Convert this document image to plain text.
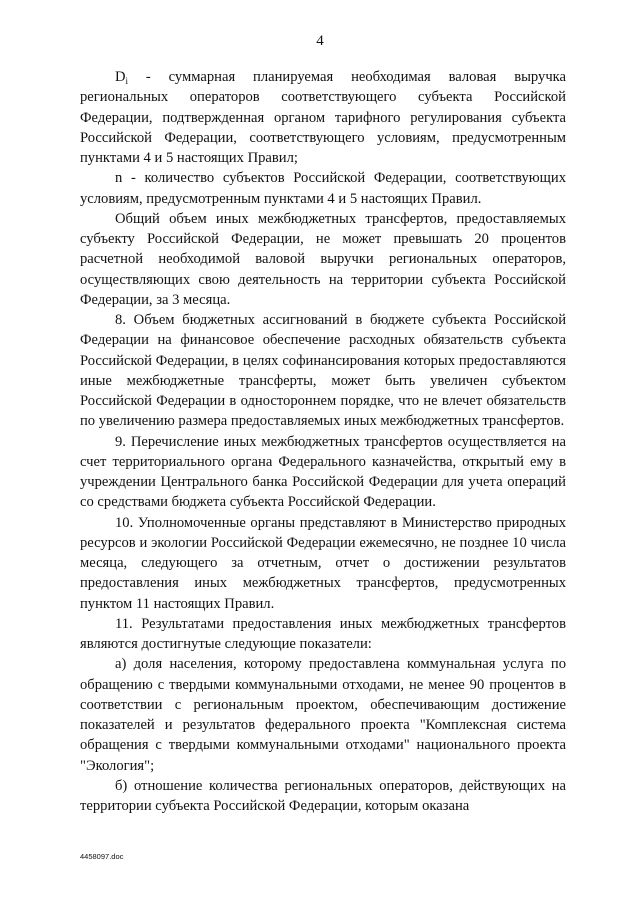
4

$D_i$ - суммарная планируемая необходимая валовая выручка региональных операторов соответствующего субъекта Российской Федерации, подтвержденная органом тарифного регулирования субъекта Российской Федерации, соответствующего условиям, предусмотренным пунктами 4 и 5 настоящих Правил;

n - количество субъектов Российской Федерации, соответствующих условиям, предусмотренным пунктами 4 и 5 настоящих Правил.

Общий объем иных межбюджетных трансфертов, предоставляемых субъекту Российской Федерации, не может превышать 20 процентов расчетной необходимой валовой выручки региональных операторов, осуществляющих свою деятельность на территории субъекта Российской Федерации, за 3 месяца.

8. Объем бюджетных ассигнований в бюджете субъекта Российской Федерации на финансовое обеспечение расходных обязательств субъекта Российской Федерации, в целях софинансирования которых предоставляются иные межбюджетные трансферты, может быть увеличен субъектом Российской Федерации в одностороннем порядке, что не влечет обязательств по увеличению размера предоставляемых иных межбюджетных трансфертов.

9. Перечисление иных межбюджетных трансфертов осуществляется на счет территориального органа Федерального казначейства, открытый ему в учреждении Центрального банка Российской Федерации для учета операций со средствами бюджета субъекта Российской Федерации.

10. Уполномоченные органы представляют в Министерство природных ресурсов и экологии Российской Федерации ежемесячно, не позднее 10 числа месяца, следующего за отчетным, отчет о достижении результатов предоставления иных межбюджетных трансфертов, предусмотренных пунктом 11 настоящих Правил.

11. Результатами предоставления иных межбюджетных трансфертов являются достигнутые следующие показатели:

а) доля населения, которому предоставлена коммунальная услуга по обращению с твердыми коммунальными отходами, не менее 90 процентов в соответствии с региональным проектом, обеспечивающим достижение показателей и результатов федерального проекта "Комплексная система обращения с твердыми коммунальными отходами" национального проекта "Экология";

б) отношение количества региональных операторов, действующих на территории субъекта Российской Федерации, которым оказана

4458097.doc
